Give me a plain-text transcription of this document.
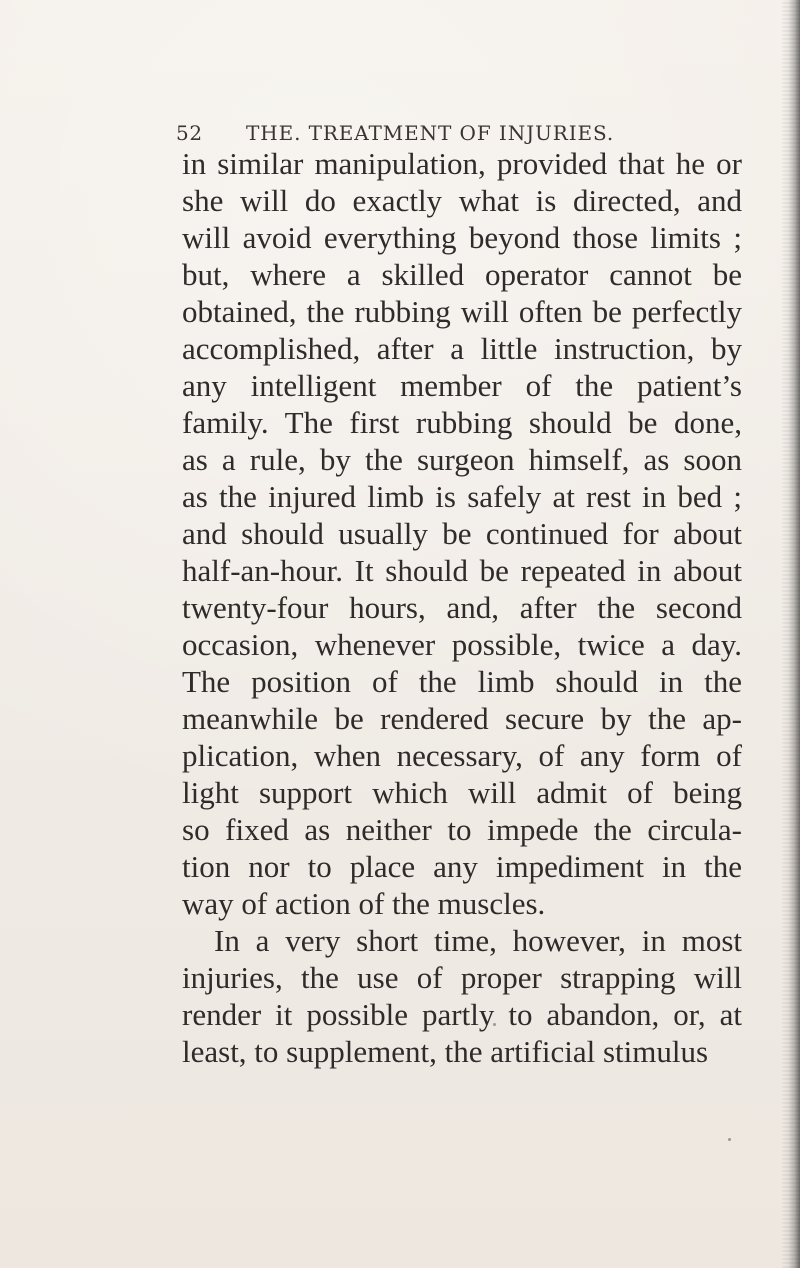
52	THE. TREATMENT OF INJURIES.
in similar manipulation, provided that he or
she will do exactly what is directed, and
will avoid everything beyond those limits ;
but, where a skilled operator cannot be
obtained, the rubbing will often be perfectly
accomplished, after a little instruction, by
any intelligent member of the patient’s
family. The first rubbing should be done,
as a rule, by the surgeon himself, as soon
as the injured limb is safely at rest in bed ;
and should usually be continued for about
half-an-hour. It should be repeated in about
twenty-four hours, and, after the second
occasion, whenever possible, twice a day.
The position of the limb should in the
meanwhile be rendered secure by the ap-
plication, when necessary, of any form of
light support which will admit of being
so fixed as neither to impede the circula-
tion nor to place any impediment in the
way of action of the muscles.
In a very short time, however, in most
injuries, the use of proper strapping will
render it possible partly to abandon, or, at
least, to supplement, the artificial stimulus
